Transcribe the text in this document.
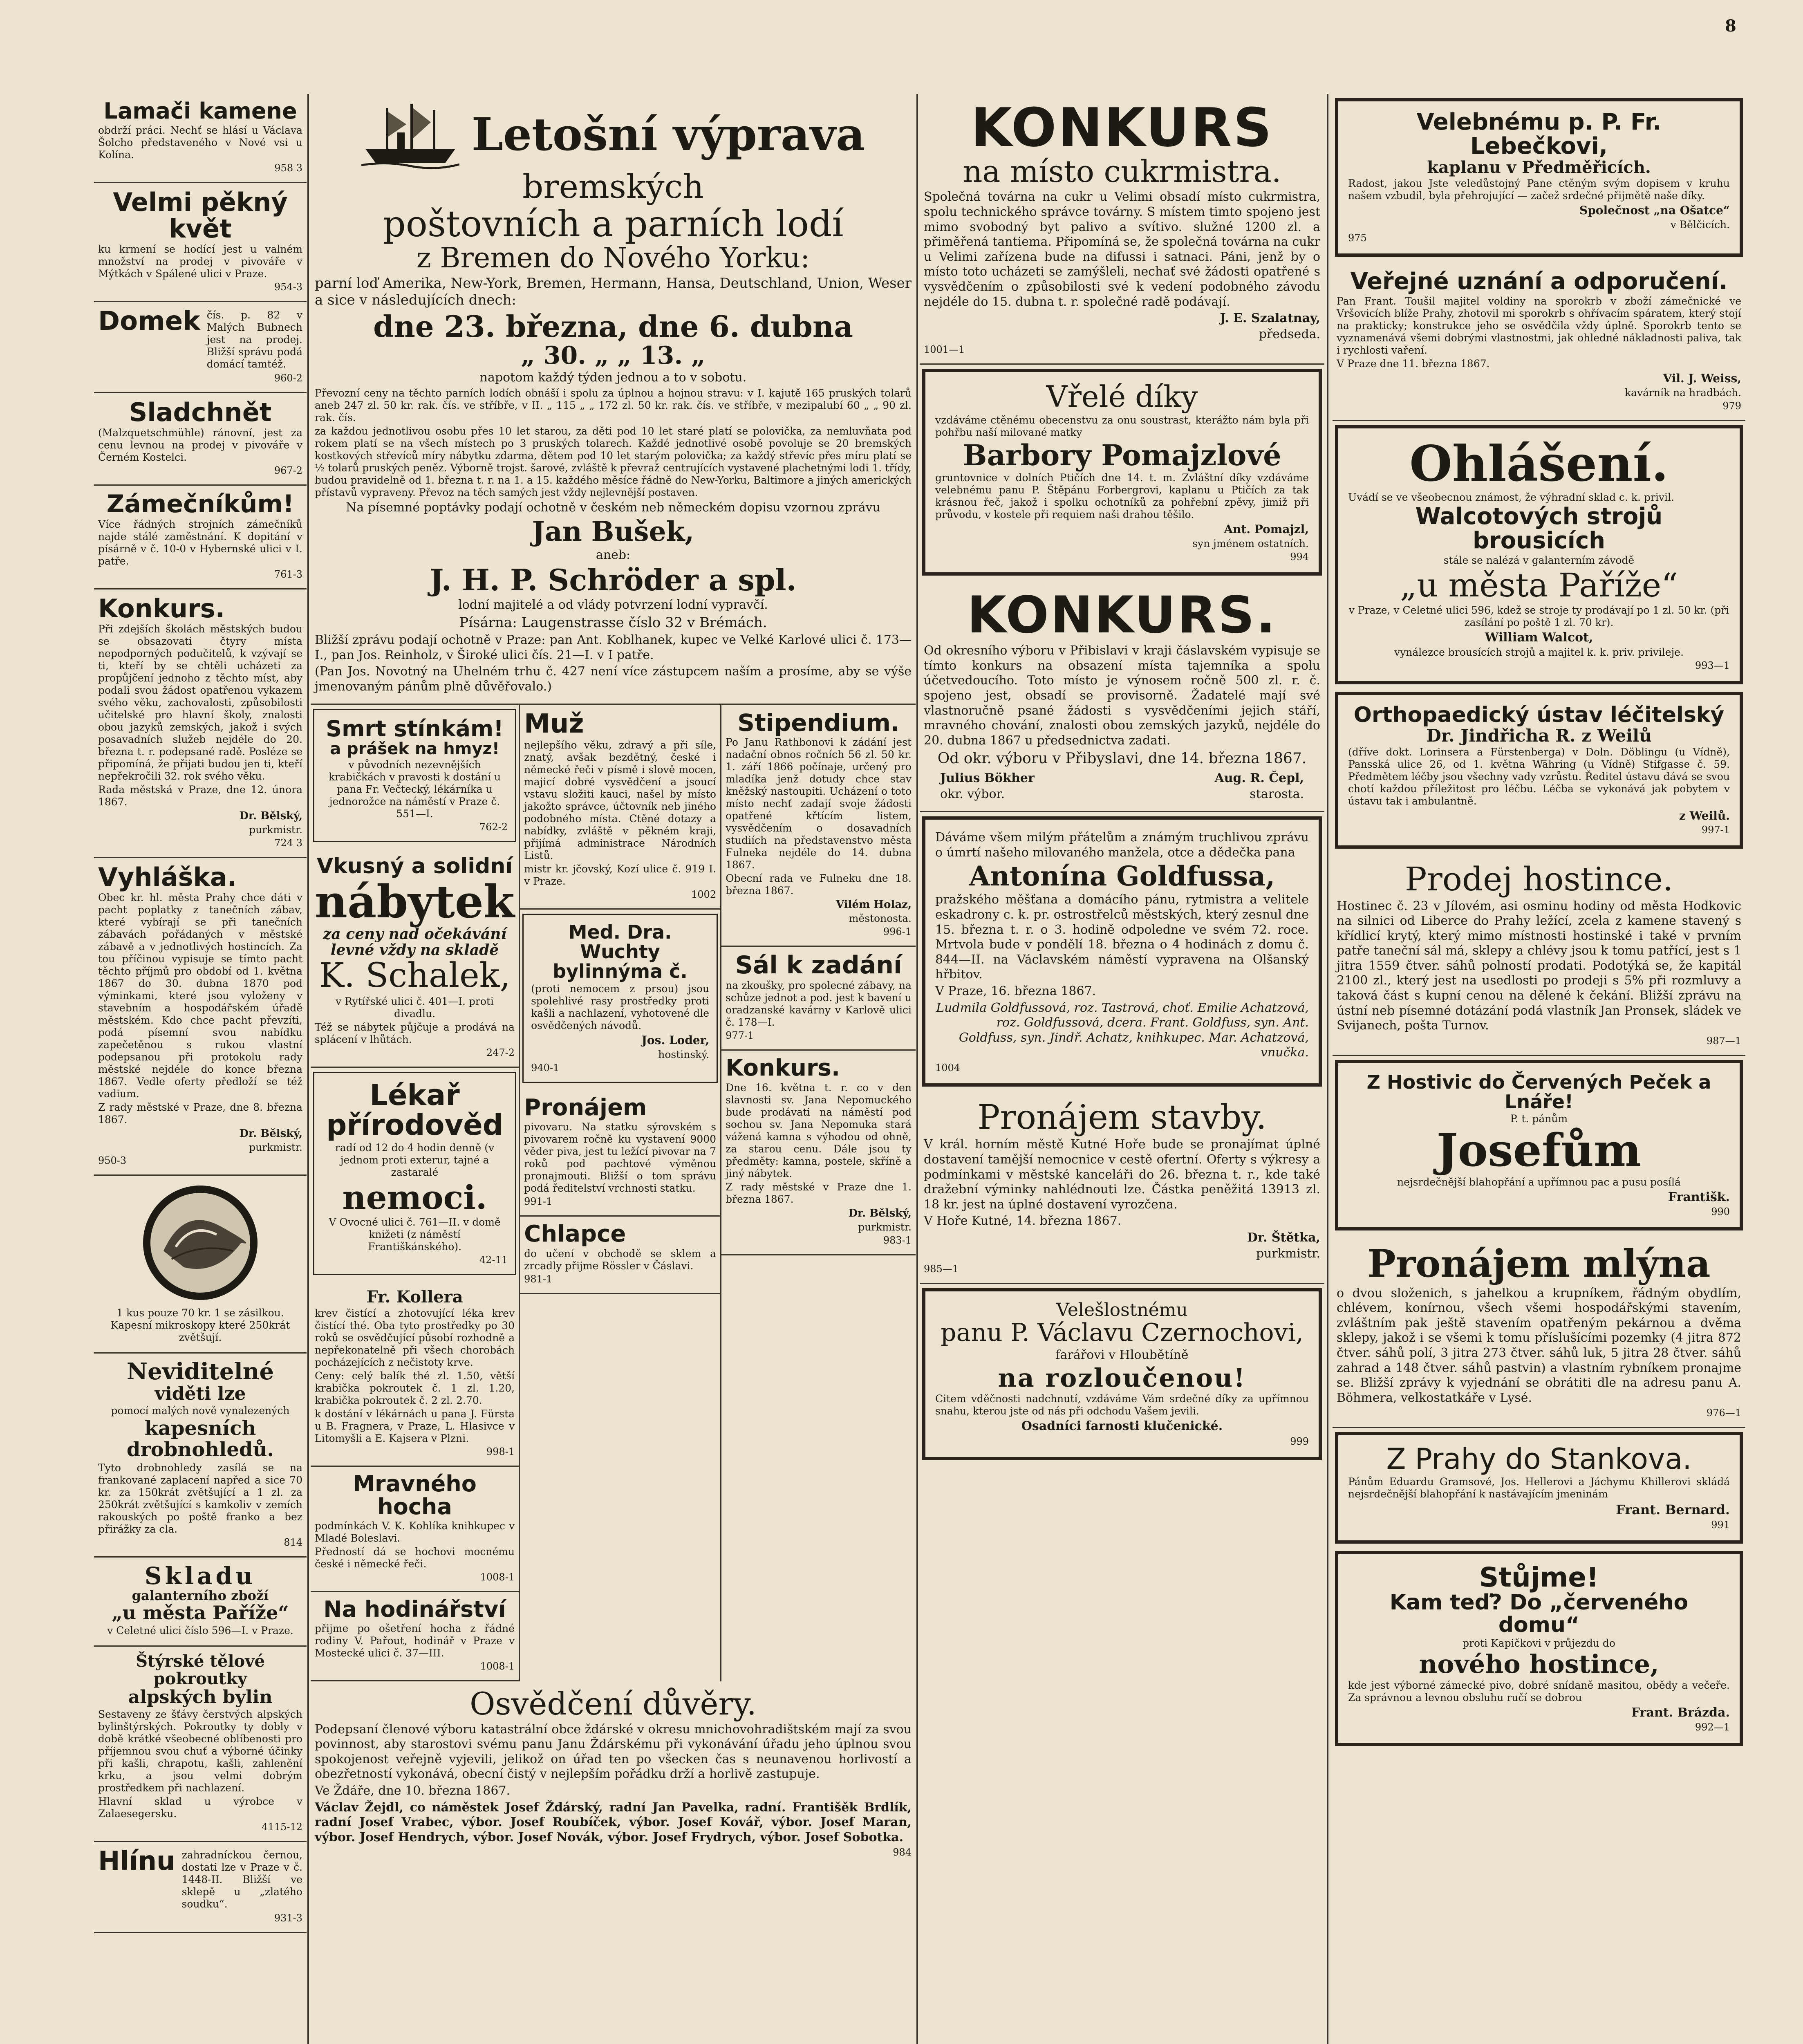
8
Lamači kamene

obdrží práci. Nechť se hlásí u Václava Šolcho představeného v Nové vsi u Kolína.

958 3

Velmi pěkný květ

ku krmení se hodící jest u valném množství na prodej v pivováře v Mýtkách v Spálené ulici v Praze.

954-3

Domek čís. p. 82 v Malých Bubnech jest na prodej. Bližší správu podá domácí tamtéž.

960-2

Sladchnět

(Malzquetschmühle) ránovní, jest za cenu levnou na prodej v pivováře v Černém Kostelci.

967-2

Zámečníkům!

Více řádných strojních zámečníků najde stálé zaměstnání. K dopitání v písárně v č. 10-0 v Hybernské ulici v I. patře.

761-3

Konkurs.

Při zdejších školách městských budou se obsazovati čtyry místa nepodporných podučitelů, k vzývají se ti, kteří by se chtěli ucházeti za propůjčení jednoho z těchto míst, aby podali svou žádost opatřenou vykazem svého věku, zachovalosti, způsobilosti učitelské pro hlavní školy, znalosti obou jazyků zemských, jakož i svých posavadních služeb nejdéle do 20. března t. r. podepsané radě. Posléze se připomíná, že přijati budou jen ti, kteří nepřekročili 32. rok svého věku.

Rada městská v Praze, dne 12. února 1867.

Dr. Bělský,

purkmistr.

724 3

Vyhláška.

Obec kr. hl. města Prahy chce dáti v pacht poplatky z tanečních zábav, které vybírají se při tanečních zábavách pořádaných v městské zábavě a v jednotlivých hostincích. Za tou příčinou vypisuje se tímto pacht těchto příjmů pro období od 1. května 1867 do 30. dubna 1870 pod výminkami, které jsou vyloženy v stavebním a hospodářském úřadě městském. Kdo chce pacht převzíti, podá písemní svou nabídku zapečetěnou s rukou vlastní podepsanou při protokolu rady městské nejdéle do konce března 1867. Vedle oferty předloží se též vadium.

Z rady městské v Praze, dne 8. března 1867.

Dr. Bělský,

purkmistr.

950-3

1 kus pouze 70 kr. 1 se zásilkou. Kapesní mikroskopy které 250krát zvětšují.

Neviditelné
viděti lze

pomocí malých nově vynalezených

kapesních drobnohledů.

Tyto drobnohledy zasílá se na frankované zaplacení napřed a sice 70 kr. za 150krát zvětšující a 1 zl. za 250krát zvětšující s kamkoliv v zemích rakouských po poště franko a bez přirážky za cla.

814

Skladu
galanterního zboží
„u města Paříže“

v Celetné ulici číslo 596—I. v Praze.

Štýrské tělové pokroutky
alpských bylin

Sestaveny ze šťávy čerstvých alpských bylinštýrských. Pokroutky ty dobly v době krátké všeobecné oblíbenosti pro příjemnou svou chuť a výborné účinky při kašli, chrapotu, kašli, zahlenění krku, a jsou velmi dobrým prostředkem při nachlazení.

Hlavní sklad u výrobce v Zalaesegersku.

4115-12

Hlínu zahradníckou černou, dostati lze v Praze v č. 1448-II. Bližší ve sklepě u „zlatého soudku“.

931-3

Letošní výprava
bremských
poštovních a parních lodí
z Bremen do Nového Yorku:

parní loď Amerika, New-York, Bremen, Hermann, Hansa, Deutschland, Union, Weser a sice v následujících dnech:

dne 23. března, dne 6. dubna
„ 30. „ „ 13. „

napotom každý týden jednou a to v sobotu.

Převozní ceny na těchto parních lodích obnáší i spolu za úplnou a hojnou stravu: v I. kajutě 165 pruských tolarů aneb 247 zl. 50 kr. rak. čís. ve stříbře, v II. „ 115 „ „ 172 zl. 50 kr. rak. čís. ve stříbře, v mezipalubí 60 „ „ 90 zl. rak. čís.

za každou jednotlivou osobu přes 10 let starou, za děti pod 10 let staré platí se polovička, za nemluvňata pod rokem platí se na všech místech po 3 pruských tolarech. Každé jednotlivé osobě povoluje se 20 bremských kostkových střevíců míry nábytku zdarma, dětem pod 10 let starým polovička; za každý střevíc přes míru platí se ½ tolarů pruských peněz. Výborně trojst. šarové, zvláště k převraž centrujících vystavené plachetnými lodi 1. třídy, budou pravidelně od 1. března t. r. na 1. a 15. každého měsíce řádně do New-Yorku, Baltimore a jiných amerických přístavů vypraveny. Převoz na těch samých jest vždy nejlevnější postaven.

Na písemné poptávky podají ochotně v českém neb německém dopisu vzornou zprávu

Jan Bušek,

aneb:

J. H. P. Schröder a spl.

lodní majitelé a od vlády potvrzení lodní vypravčí.

Písárna: Laugenstrasse číslo 32 v Brémách.

Bližší zprávu podají ochotně v Praze: pan Ant. Koblhanek, kupec ve Velké Karlové ulici č. 173—I., pan Jos. Reinholz, v Široké ulici čís. 21—I. v I patře.

(Pan Jos. Novotný na Uhelném trhu č. 427 není více zástupcem naším a prosíme, aby se výše jmenovaným pánům plně důvěřovalo.)

Smrt stínkám!
a prášek na hmyz!

v původních nezevnějších krabičkách v pravosti k dostání u pana Fr. Večtecký, lékárníka u jednorožce na náměstí v Praze č. 551—I.

762-2

Vkusný a solidní
nábytek
za ceny nad očekávání levné vždy na skladě
K. Schalek,

v Rytířské ulici č. 401—I. proti divadlu.

Též se nábytek půjčuje a prodává na splácení v lhůtách.

247-2

Lékař přírodověd

radí od 12 do 4 hodin denně (v jednom proti exterur, tajné a zastaralé

nemoci.

V Ovocné ulici č. 761—II. v domě knižeti (z náměstí Františkánského).

42-11

Fr. Kollera

krev čistící a zhotovující léka krev čistící thé. Oba tyto prostředky po 30 roků se osvědčující působí rozhodně a nepřekonatelně při všech chorobách pocházejících z nečistoty krve.

Ceny: celý balík thé zl. 1.50, větší krabička pokroutek č. 1 zl. 1.20, krabička pokroutek č. 2 zl. 2.70.

k dostání v lékárnách u pana J. Fürsta u B. Fragnera, v Praze, L. Hlasivce v Litomyšli a E. Kajsera v Plzni.

998-1

Mravného hocha

podmínkách V. K. Kohlíka knihkupec v Mladé Boleslavi.

Předností dá se hochovi mocnému české i německé řeči.

1008-1

Na hodinářství

přijme po ošetření hocha z řádné rodiny V. Pařout, hodinář v Praze v Mostecké ulici č. 37—III.

1008-1

Muž

nejlepšího věku, zdravý a při síle, znatý, avšak bezdětný, české i německé řeči v písmě i slově mocen, majicí dobré vysvědčení a jsoucí vstavu složiti kauci, našel by místo jakožto správce, účtovník neb jiného podobného místa. Ctěné dotazy a nabídky, zvláště v pěkném kraji, přijímá administrace Národních Listů.

mistr kr. jčovský, Kozí ulice č. 919 I. v Praze.

1002

Med. Dra. Wuchty bylinnýma č.

(proti nemocem z prsou) jsou spolehlivé rasy prostředky proti kašli a nachlazení, vyhotovené dle osvědčených návodů.

Jos. Loder,

hostinský.

940-1

Pronájem

pivovaru. Na statku sýrovském s pivovarem ročně ku vystavení 9000 věder piva, jest tu ležící pivovar na 7 roků pod pachtové výměnou pronajmouti. Bližší o tom správu podá ředitelství vrchnosti statku.

991-1

Chlapce

do učení v obchodě se sklem a zrcadly přijme Rössler v Čáslavi.

981-1

Stipendium.

Po Janu Rathbonovi k zádání jest nadační obnos ročních 56 zl. 50 kr. 1. září 1866 počínaje, určený pro mladíka jenž dotudy chce stav kněžský nastoupiti. Ucházení o toto místo nechť zadají svoje žádosti opatřené křtícím listem, vysvědčením o dosavadních studiích na představenstvo města Fulneka nejdéle do 14. dubna 1867.

Obecní rada ve Fulneku dne 18. března 1867.

Vilém Holaz,

městonosta.

996-1

Sál k zadání

na zkoušky, pro spolecné zábavy, na schůze jednot a pod. jest k bavení u oradzanské kavárny v Karlově ulici č. 178—I.

977-1

Konkurs.

Dne 16. května t. r. co v den slavnosti sv. Jana Nepomuckého bude prodávati na náměstí pod sochou sv. Jana Nepomuka stará vážená kamna s výhodou od ohně, za starou cenu. Dále jsou ty předměty: kamna, postele, skříně a jiný nábytek.

Z rady městské v Praze dne 1. března 1867.

Dr. Bělský,

purkmistr.

983-1

Osvědčení důvěry.

Podepsaní členové výboru katastrální obce ždárské v okresu mnichovohradištském mají za svou povinnost, aby starostovi svému panu Janu Ždárskému při vykonávání úřadu jeho úplnou svou spokojenost veřejně vyjevili, jelikož on úřad ten po všecken čas s neunavenou horlivostí a obezřetností vykonává, obecní čistý v nejlepším pořádku drží a horlivě zastupuje.

Ve Ždáře, dne 10. března 1867.

Václav Žejdl, co náměstek Josef Ždárský, radní Jan Pavelka, radní. Františěk Brdlík, radní Josef Vrabec, výbor. Josef Roubíček, výbor. Josef Kovář, výbor. Josef Maran, výbor. Josef Hendrych, výbor. Josef Novák, výbor. Josef Frydrych, výbor. Josef Sobotka.

984

KONKURS
na místo cukrmistra.

Společná továrna na cukr u Velimi obsadí místo cukrmistra, spolu technického správce továrny. S místem timto spojeno jest mimo svobodný byt palivo a svítivo. služné 1200 zl. a přiměřená tantiema. Připomíná se, že společná továrna na cukr u Velimi zařízena bude na difussi i satnaci. Páni, jenž by o místo toto ucházeti se zamýšleli, nechať své žádosti opatřené s vysvědčením o způsobilosti své k vedení podobného závodu nejdéle do 15. dubna t. r. společné radě podávají.

J. E. Szalatnay,

předseda.

1001—1

Vřelé díky

vzdáváme ctěnému obecenstvu za onu soustrast, kterážto nám byla při pohřbu naší milované matky

Barbory Pomajzlové

gruntovnice v dolních Ptičích dne 14. t. m. Zvláštní díky vzdáváme velebnému panu P. Štěpánu Forbergrovi, kaplanu u Ptičích za tak krásnou řeč, jakož i spolku ochotníků za pohřební zpěvy, jimiž při průvodu, v kostele při requiem naši drahou těšilo.

Ant. Pomajzl,

syn jménem ostatních.

994

KONKURS.

Od okresního výboru v Přibislavi v kraji čáslavském vypisuje se tímto konkurs na obsazení místa tajemníka a spolu účetvedoucího. Toto místo je výnosem ročně 500 zl. r. č. spojeno jest, obsadí se provisorně. Žadatelé mají své vlastnoručně psané žádosti s vysvědčeními jejich stáří, mravného chování, znalosti obou zemských jazyků, nejdéle do 20. dubna 1867 u předsednictva zadati.

Od okr. výboru v Přibyslavi, dne 14. března 1867.

Julius Bökher

okr. výbor.

Aug. R. Čepl,

starosta.

Dáváme všem milým přátelům a známým truchlivou zprávu o úmrtí našeho milovaného manžela, otce a dědečka pana

Antonína Goldfussa,

pražského měšťana a domácího pánu, rytmistra a velitele eskadrony c. k. pr. ostrostřelců městských, který zesnul dne 15. března t. r. o 3. hodině odpoledne ve svém 72. roce. Mrtvola bude v pondělí 18. března o 4 hodinách z domu č. 844—II. na Václavském náměstí vypravena na Olšanský hřbitov.

V Praze, 16. března 1867.

Ludmila Goldfussová, roz. Tastrová, choť. Emilie Achatzová, roz. Goldfussová, dcera. Frant. Goldfuss, syn. Ant. Goldfuss, syn. Jindř. Achatz, knihkupec. Mar. Achatzová, vnučka.

1004

Pronájem stavby.

V král. horním městě Kutné Hoře bude se pronajímat úplné dostavení tamější nemocnice v cestě ofertní. Oferty s výkresy a podmínkami v městské kanceláři do 26. března t. r., kde také dražební výminky nahlédnouti lze. Částka peněžitá 13913 zl. 18 kr. jest na úplné dostavení vyrozčena.

V Hoře Kutné, 14. března 1867.

Dr. Štětka,

purkmistr.

985—1

Velešlostnému
panu P. Václavu Czernochovi,

farářovi v Hloubětíně

na rozloučenou!

Citem vděčnosti nadchnutí, vzdáváme Vám srdečné díky za upřímnou snahu, kterou jste od nás při odchodu Vašem jevili.

Osadníci farnosti klučenické.

999

Velebnému p. P. Fr. Lebečkovi,
kaplanu v Předměřicích.

Radost, jakou Jste veledůstojný Pane ctěným svým dopisem v kruhu našem vzbudil, byla přehrojující — začež srdečné přijmětě naše díky.

Společnost „na Ošatce“

v Bělčicích.

975

Veřejné uznání a odporučení.

Pan Frant. Toušil majitel voldiny na sporokrb v zboží zámečnické ve Vršovicích blíže Prahy, zhotovil mi sporokrb s ohřívacím spáratem, který stojí na prakticky; konstrukce jeho se osvědčila vždy úplně. Sporokrb tento se vyznamenává všemi dobrými vlastnostmi, jak ohledné nákladnosti paliva, tak i rychlosti vaření.

V Praze dne 11. března 1867.

Vil. J. Weiss,

kavárník na hradbách.

979

Ohlášení.

Uvádí se ve všeobecnou známost, že výhradní sklad c. k. privil.

Walcotových strojů brousicích

stále se nalézá v galanterním závodě

„u města Paříže“

v Praze, v Celetné ulici 596, kdež se stroje ty prodávají po 1 zl. 50 kr. (při zasílání po poště 1 zl. 70 kr).

William Walcot,

vynálezce brousících strojů a majitel k. k. priv. privileje.

993—1

Orthopaedický ústav léčitelský
Dr. Jindřicha R. z Weilů

(dříve dokt. Lorinsera a Fürstenberga) v Doln. Döblingu (u Vídně), Pansská ulice 26, od 1. května Währing (u Vídně) Stifgasse č. 59. Předmětem léčby jsou všechny vady vzrůstu. Ředitel ústavu dává se svou chotí každou příležitost pro léčbu. Léčba se vykonává jak pobytem v ústavu tak i ambulantně.

z Weilů.

997-1

Prodej hostince.

Hostinec č. 23 v Jílovém, asi osminu hodiny od města Hodkovic na silnici od Liberce do Prahy ležící, zcela z kamene stavený s křídlicí krytý, který mimo místnosti hostinské i také v prvním patře taneční sál má, sklepy a chlévy jsou k tomu patřící, jest s 1 jitra 1559 čtver. sáhů polností prodati. Podotýká se, že kapitál 2100 zl., který jest na usedlosti po prodeji s 5% při rozmluvy a taková část s kupní cenou na dělené k čekání. Bližší zprávu na ústní neb písemné dotázání podá vlastník Jan Pronsek, sládek ve Svijanech, pošta Turnov.

987—1

Z Hostivic do Červených Peček a Lnáře!

P. t. pánům

Josefům

nejsrdečnější blahopřání a upřímnou pac a pusu posílá

Františk.

990

Pronájem mlýna

o dvou složenich, s jahelkou a krupníkem, řádným obydlím, chlévem, konírnou, všech všemi hospodářskými stavením, zvláštním pak ještě stavením opatřeným pekárnou a dvěma sklepy, jakož i se všemi k tomu příslušícími pozemky (4 jitra 872 čtver. sáhů polí, 3 jitra 273 čtver. sáhů luk, 5 jitra 28 čtver. sáhů zahrad a 148 čtver. sáhů pastvin) a vlastním rybníkem pronajme se. Bližší zprávy k vyjednání se obrátiti dle na adresu panu A. Böhmera, velkostatkáře v Lysé.

976—1

Z Prahy do Stankova.

Pánům Eduardu Gramsové, Jos. Hellerovi a Jáchymu Khillerovi skládá nejsrdečnější blahopřání k nastávajícím jmeninám

Frant. Bernard.

991

Stůjme!
Kam teď? Do „červeného domu“

proti Kapičkovi v průjezdu do

nového hostince,

kde jest výborné zámecké pivo, dobré snídaně masitou, obědy a večeře. Za správnou a levnou obsluhu ručí se dobrou

Frant. Brázda.

992—1
